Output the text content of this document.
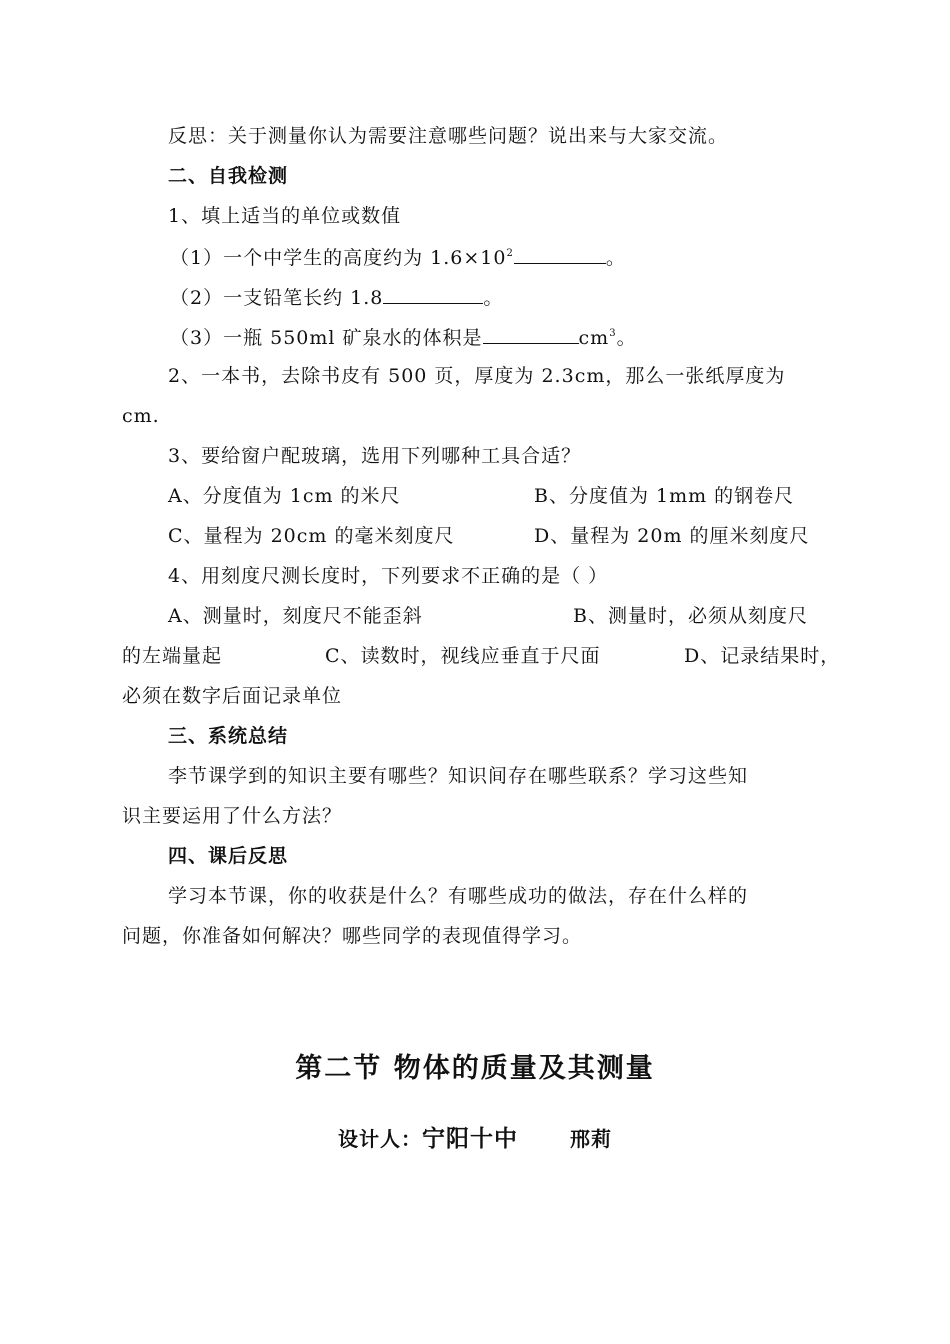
反思：关于测量你认为需要注意哪些问题？说出来与大家交流。
二、自我检测
1、填上适当的单位或数值
（1）一个中学生的高度约为 $1.6\times 10^2$	。
（2）一支铅笔长约 1.8	。
（3）一瓶 550ml 矿泉水的体积是	$cm^3$。
2、一本书，去除书皮有 500 页，厚度为 2.3cm，那么一张纸厚度为
cm.
3、要给窗户配玻璃，选用下列哪种工具合适？
A、分度值为 1cm 的米尺	B、分度值为 1mm 的钢卷尺
C、量程为 20cm 的毫米刻度尺	D、量程为 20m 的厘米刻度尺
4、用刻度尺测长度时，下列要求不正确的是（ ）
A、测量时，刻度尺不能歪斜	B、测量时，必须从刻度尺
的左端量起	C、读数时，视线应垂直于尺面	D、记录结果时，
必须在数字后面记录单位
三、系统总结
李节课学到的知识主要有哪些？知识间存在哪些联系？学习这些知
识主要运用了什么方法？
四、课后反思
学习本节课，你的收获是什么？有哪些成功的做法，存在什么样的
问题，你准备如何解决？哪些同学的表现值得学习。
第二节 物体的质量及其测量
设计人：宁阳十中	邢莉
